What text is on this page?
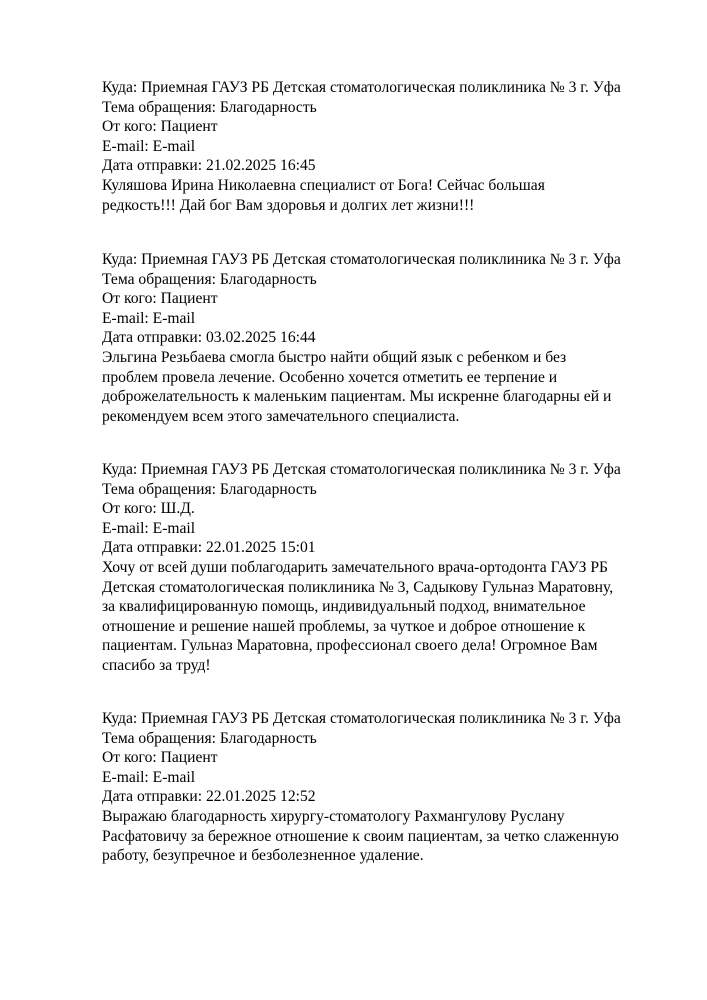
Куда: Приемная ГАУЗ РБ Детская стоматологическая поликлиника № 3 г. Уфа
Тема обращения: Благодарность
От кого: Пациент
E-mail: E-mail
Дата отправки: 21.02.2025 16:45
Куляшова Ирина Николаевна специалист от Бога! Сейчас большая
редкость!!! Дай бог Вам здоровья и долгих лет жизни!!!
Куда: Приемная ГАУЗ РБ Детская стоматологическая поликлиника № 3 г. Уфа
Тема обращения: Благодарность
От кого: Пациент
E-mail: E-mail
Дата отправки: 03.02.2025 16:44
Эльгина Резьбаева смогла быстро найти общий язык с ребенком и без
проблем провела лечение. Особенно хочется отметить ее терпение и
доброжелательность к маленьким пациентам. Мы искренне благодарны ей и
рекомендуем всем этого замечательного специалиста.
Куда: Приемная ГАУЗ РБ Детская стоматологическая поликлиника № 3 г. Уфа
Тема обращения: Благодарность
От кого: Ш.Д.
E-mail: E-mail
Дата отправки: 22.01.2025 15:01
Хочу от всей души поблагодарить замечательного врача-ортодонта ГАУЗ РБ
Детская стоматологическая поликлиника № 3, Садыкову Гульназ Маратовну,
за квалифицированную помощь, индивидуальный подход, внимательное
отношение и решение нашей проблемы, за чуткое и доброе отношение к
пациентам. Гульназ Маратовна, профессионал своего дела! Огромное Вам
спасибо за труд!
Куда: Приемная ГАУЗ РБ Детская стоматологическая поликлиника № 3 г. Уфа
Тема обращения: Благодарность
От кого: Пациент
E-mail: E-mail
Дата отправки: 22.01.2025 12:52
Выражаю благодарность хирургу-стоматологу Рахмангулову Руслану
Расфатовичу за бережное отношение к своим пациентам, за четко слаженную
работу, безупречное и безболезненное удаление.
